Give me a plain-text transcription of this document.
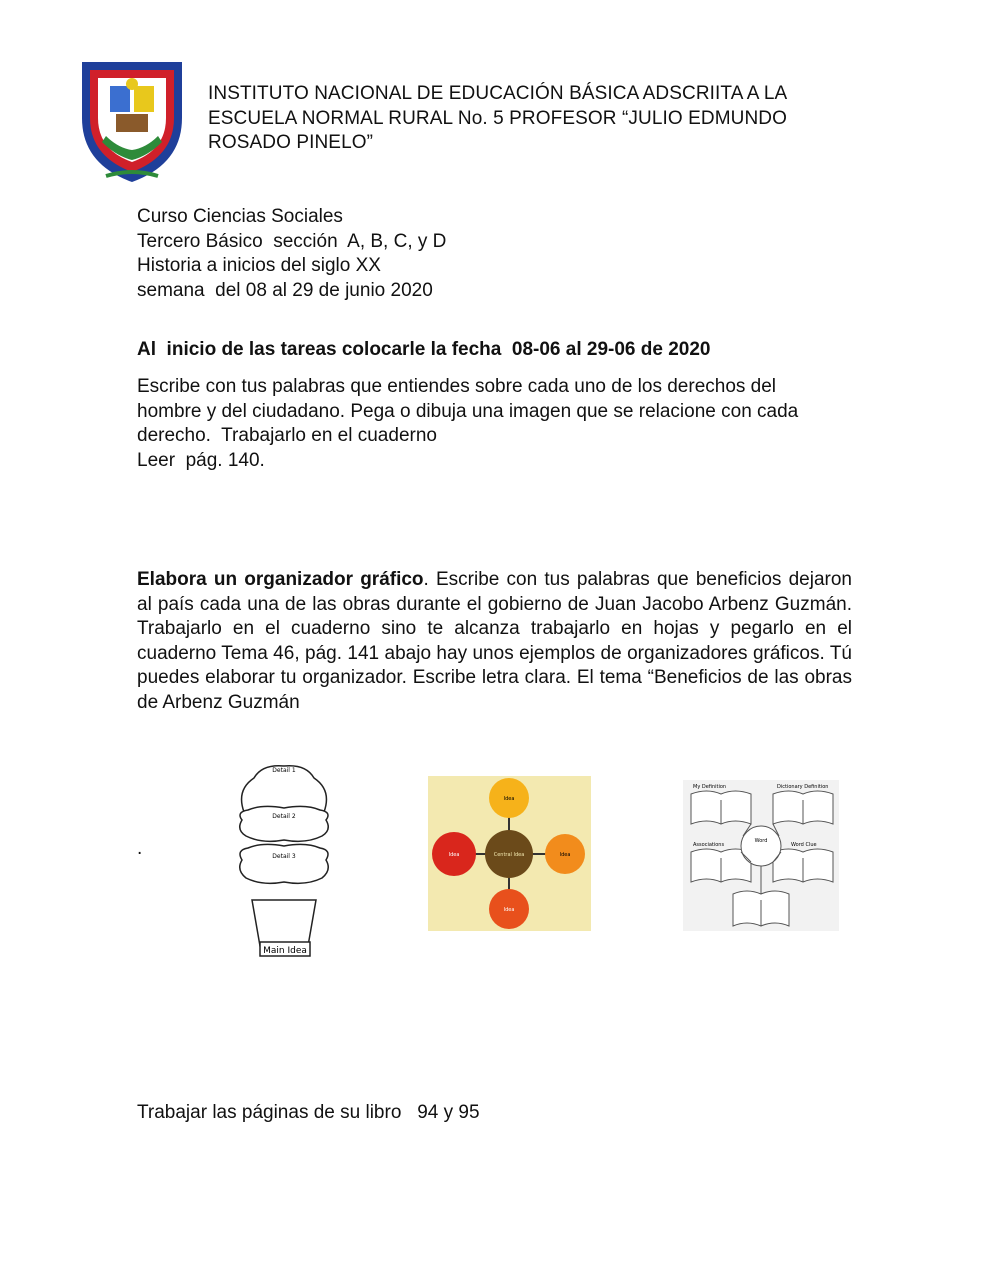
INSTITUTO NACIONAL DE EDUCACIÓN BÁSICA ADSCRIITA A LA ESCUELA NORMAL RURAL No. 5 PROFESOR “JULIO EDMUNDO ROSADO PINELO”
Curso Ciencias Sociales
Tercero Básico  sección  A, B, C, y D
Historia a inicios del siglo XX
semana  del 08 al 29 de junio 2020
Al  inicio de las tareas colocarle la fecha  08-06 al 29-06 de 2020
Escribe con tus palabras que entiendes sobre cada uno de los derechos del
hombre y del ciudadano. Pega o dibuja una imagen que se relacione con cada
derecho.  Trabajarlo en el cuaderno
Leer  pág. 140.
Elabora un organizador gráfico. Escribe con tus palabras que beneficios dejaron al país cada una de las obras durante el gobierno de Juan Jacobo Arbenz Guzmán. Trabajarlo en el cuaderno sino te alcanza trabajarlo en hojas y pegarlo en el cuaderno Tema 46, pág. 141 abajo hay unos ejemplos de organizadores gráficos. Tú puedes elaborar tu organizador. Escribe letra clara. El tema “Beneficios de las obras de Arbenz Guzmán
.
Detail 1
Detail 2
Detail 3
Main Idea
Idea
Idea
Idea
Idea	Central Idea
My Definition	Dictionary Definition
Word
Associations	Word Clue
Trabajar las páginas de su libro   94 y 95
